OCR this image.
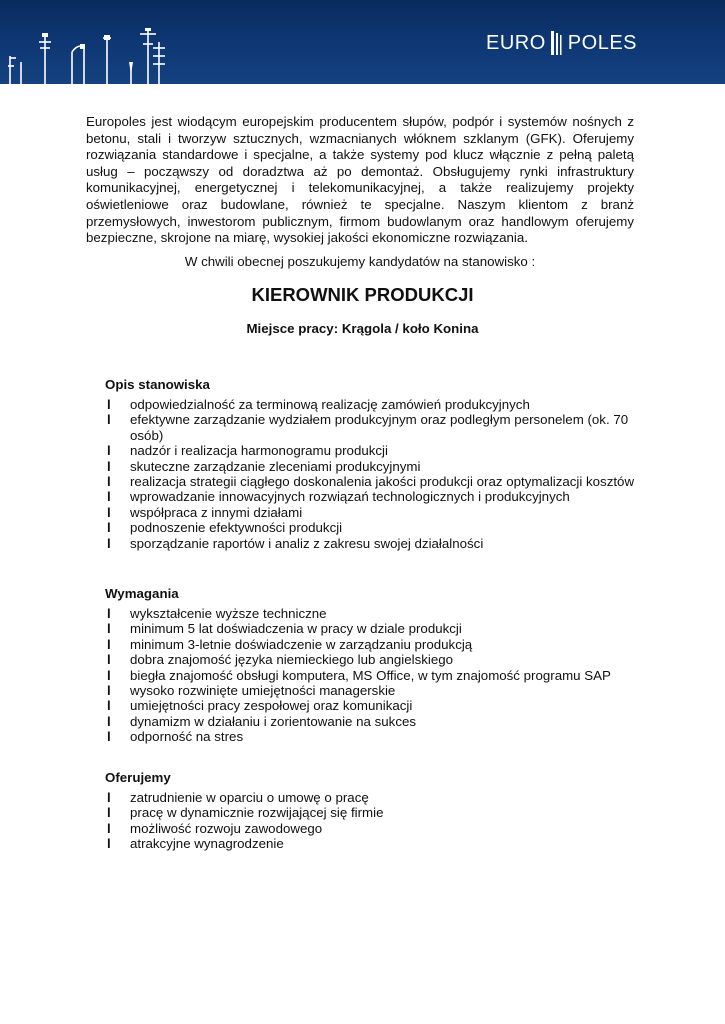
EURO POLES

Europoles jest wiodącym europejskim producentem słupów, podpór i systemów nośnych z betonu, stali i tworzyw sztucznych, wzmacnianych włóknem szklanym (GFK). Oferujemy rozwiązania standardowe i specjalne, a także systemy pod klucz włącznie z pełną paletą usług – począwszy od doradztwa aż po demontaż. Obsługujemy rynki infrastruktury komunikacyjnej, energetycznej i telekomunikacyjnej, a także realizujemy projekty oświetleniowe oraz budowlane, również te specjalne. Naszym klientom z branż przemysłowych, inwestorom publicznym, firmom budowlanym oraz handlowym oferujemy bezpieczne, skrojone na miarę, wysokiej jakości ekonomiczne rozwiązania.

W chwili obecnej poszukujemy kandydatów na stanowisko :

KIEROWNIK PRODUKCJI

Miejsce pracy: Krągola / koło Konina

Opis stanowiska
l odpowiedzialność za terminową realizację zamówień produkcyjnych
l efektywne zarządzanie wydziałem produkcyjnym oraz podległym personelem (ok. 70 osób)
l nadzór i realizacja harmonogramu produkcji
l skuteczne zarządzanie zleceniami produkcyjnymi
l realizacja strategii ciągłego doskonalenia jakości produkcji oraz optymalizacji kosztów
l wprowadzanie innowacyjnych rozwiązań technologicznych i produkcyjnych
l współpraca z innymi działami
l podnoszenie efektywności produkcji
l sporządzanie raportów i analiz z zakresu swojej działalności
Wymagania
l wykształcenie wyższe techniczne
l minimum 5 lat doświadczenia w pracy w dziale produkcji
l minimum 3-letnie doświadczenie w zarządzaniu produkcją
l dobra znajomość języka niemieckiego lub angielskiego
l biegła znajomość obsługi komputera, MS Office, w tym znajomość programu SAP
l wysoko rozwinięte umiejętności managerskie
l umiejętności pracy zespołowej oraz komunikacji
l dynamizm w działaniu i zorientowanie na sukces
l odporność na stres
Oferujemy
l zatrudnienie w oparciu o umowę o pracę
l pracę w dynamicznie rozwijającej się firmie
l możliwość rozwoju zawodowego
l atrakcyjne wynagrodzenie
